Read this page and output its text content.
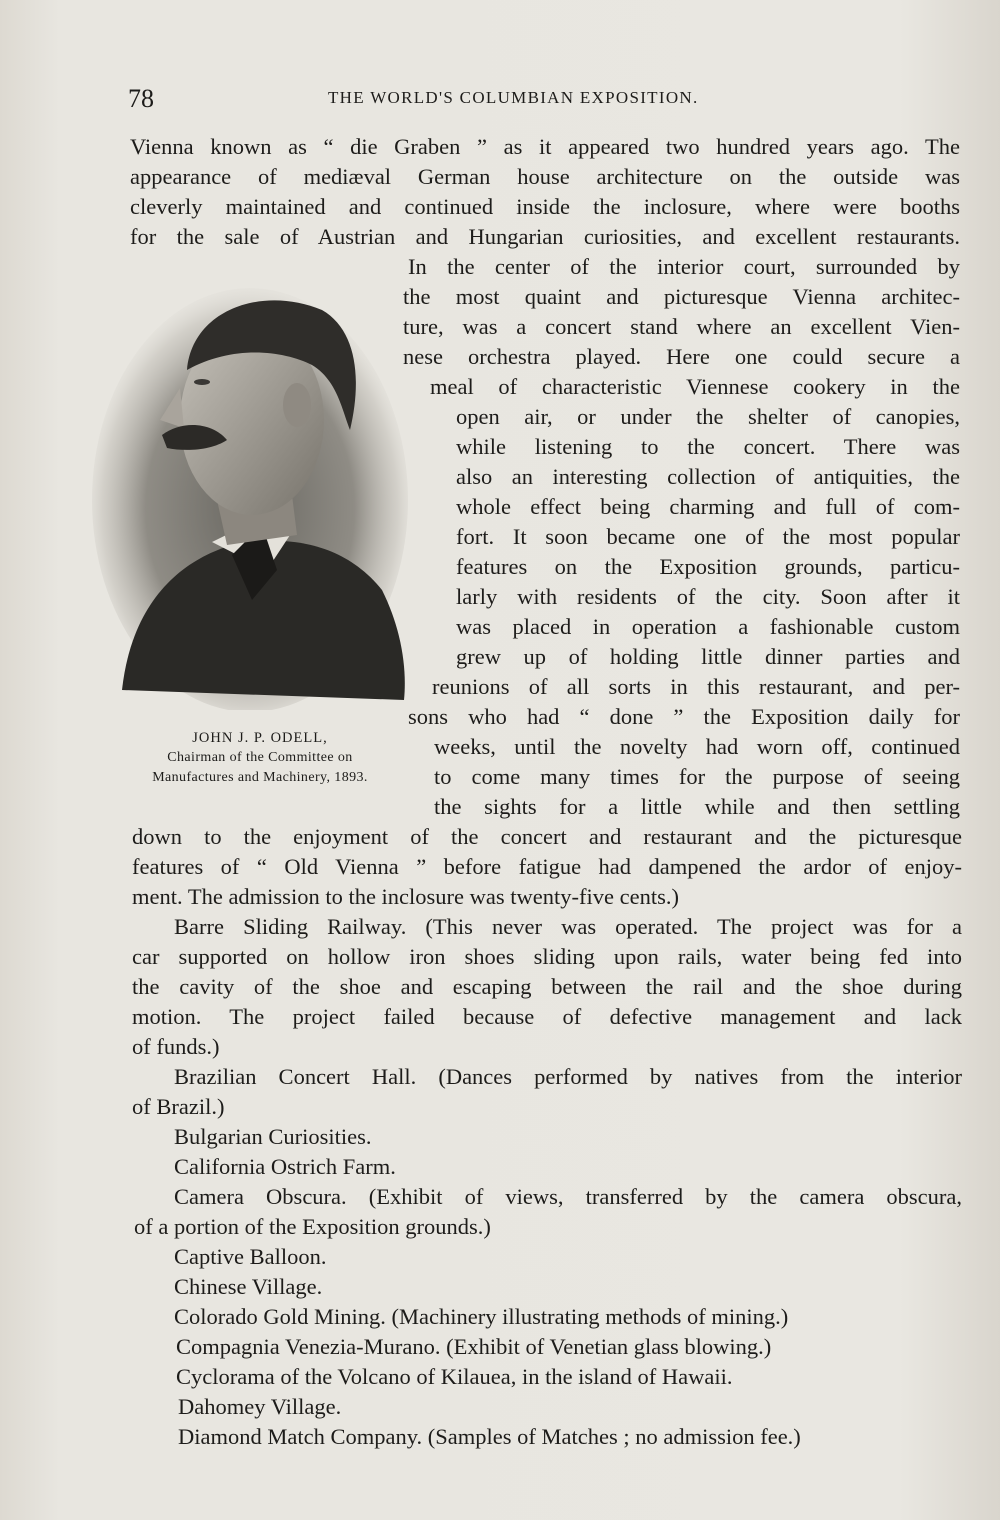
78	THE WORLD'S COLUMBIAN EXPOSITION.
JOHN J. P. ODELL,
Chairman of the Committee on
Manufactures and Machinery, 1893.
Vienna known as “ die Graben ” as it appeared two hundred years ago. The
appearance of mediæval German house architecture on the outside was
cleverly maintained and continued inside the inclosure, where were booths
for the sale of Austrian and Hungarian curiosities, and excellent restaurants.
In the center of the interior court, surrounded by
the most quaint and picturesque Vienna architec-
ture, was a concert stand where an excellent Vien-
nese orchestra played. Here one could secure a
meal of characteristic Viennese cookery in the
open air, or under the shelter of canopies,
while listening to the concert. There was
also an interesting collection of antiquities, the
whole effect being charming and full of com-
fort. It soon became one of the most popular
features on the Exposition grounds, particu-
larly with residents of the city. Soon after it
was placed in operation a fashionable custom
grew up of holding little dinner parties and
reunions of all sorts in this restaurant, and per-
sons who had “ done ” the Exposition daily for
weeks, until the novelty had worn off, continued
to come many times for the purpose of seeing
the sights for a little while and then settling
down to the enjoyment of the concert and restaurant and the picturesque
features of “ Old Vienna ” before fatigue had dampened the ardor of enjoy-
ment. The admission to the inclosure was twenty-five cents.)
Barre Sliding Railway. (This never was operated. The project was for a
car supported on hollow iron shoes sliding upon rails, water being fed into
the cavity of the shoe and escaping between the rail and the shoe during
motion. The project failed because of defective management and lack
of funds.)
Brazilian Concert Hall. (Dances performed by natives from the interior
of Brazil.)
Bulgarian Curiosities.
California Ostrich Farm.
Camera Obscura. (Exhibit of views, transferred by the camera obscura,
of a portion of the Exposition grounds.)
Captive Balloon.
Chinese Village.
Colorado Gold Mining. (Machinery illustrating methods of mining.)
Compagnia Venezia-Murano. (Exhibit of Venetian glass blowing.)
Cyclorama of the Volcano of Kilauea, in the island of Hawaii.
Dahomey Village.
Diamond Match Company. (Samples of Matches ; no admission fee.)
